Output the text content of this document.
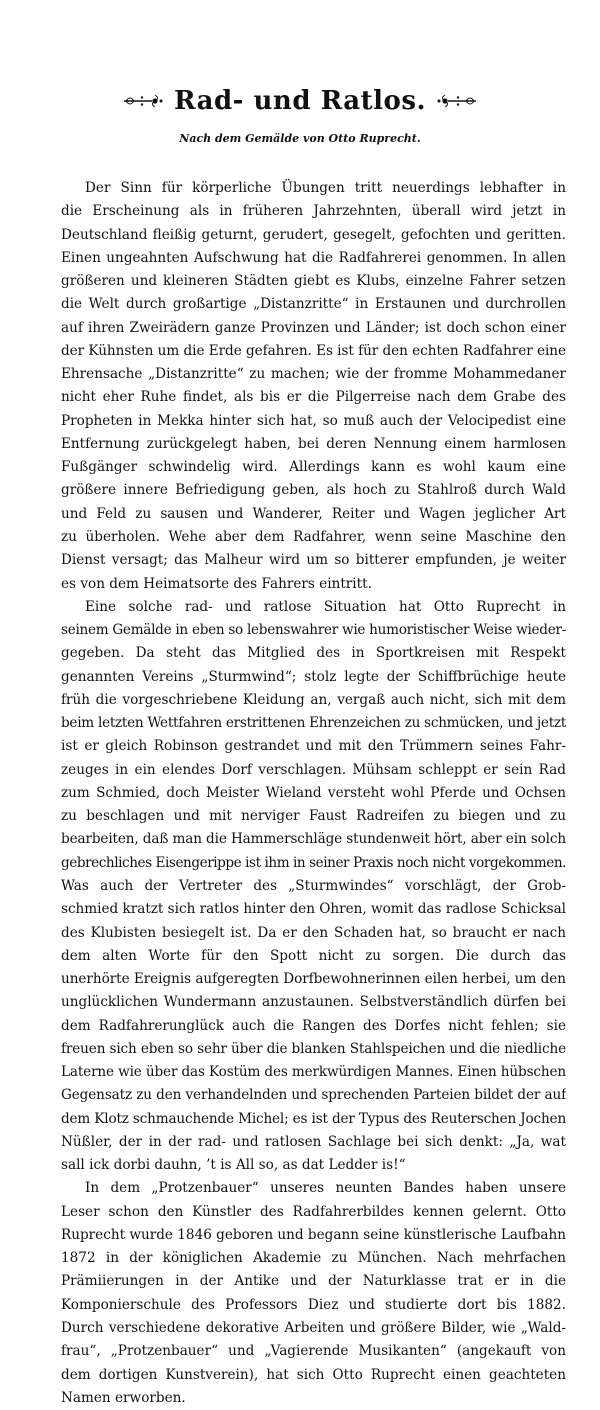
Rad- und Ratlos.
Nach dem Gemälde von Otto Ruprecht.
Der Sinn für körperliche Übungen tritt neuerdings lebhafter in
die Erscheinung als in früheren Jahrzehnten, überall wird jetzt in
Deutschland fleißig geturnt, gerudert, gesegelt, gefochten und geritten.
Einen ungeahnten Aufschwung hat die Radfahrerei genommen. In allen
größeren und kleineren Städten giebt es Klubs, einzelne Fahrer setzen
die Welt durch großartige „Distanzritte“ in Erstaunen und durchrollen
auf ihren Zweirädern ganze Provinzen und Länder; ist doch schon einer
der Kühnsten um die Erde gefahren. Es ist für den echten Radfahrer eine
Ehrensache „Distanzritte“ zu machen; wie der fromme Mohammedaner
nicht eher Ruhe findet, als bis er die Pilgerreise nach dem Grabe des
Propheten in Mekka hinter sich hat, so muß auch der Velocipedist eine
Entfernung zurückgelegt haben, bei deren Nennung einem harmlosen
Fußgänger schwindelig wird. Allerdings kann es wohl kaum eine
größere innere Befriedigung geben, als hoch zu Stahlroß durch Wald
und Feld zu sausen und Wanderer, Reiter und Wagen jeglicher Art
zu überholen. Wehe aber dem Radfahrer, wenn seine Maschine den
Dienst versagt; das Malheur wird um so bitterer empfunden, je weiter
es von dem Heimatsorte des Fahrers eintritt.
Eine solche rad- und ratlose Situation hat Otto Ruprecht in
seinem Gemälde in eben so lebenswahrer wie humoristischer Weise wieder-
gegeben. Da steht das Mitglied des in Sportkreisen mit Respekt
genannten Vereins „Sturmwind“; stolz legte der Schiffbrüchige heute
früh die vorgeschriebene Kleidung an, vergaß auch nicht, sich mit dem
beim letzten Wettfahren erstrittenen Ehrenzeichen zu schmücken, und jetzt
ist er gleich Robinson gestrandet und mit den Trümmern seines Fahr-
zeuges in ein elendes Dorf verschlagen. Mühsam schleppt er sein Rad
zum Schmied, doch Meister Wieland versteht wohl Pferde und Ochsen
zu beschlagen und mit nerviger Faust Radreifen zu biegen und zu
bearbeiten, daß man die Hammerschläge stundenweit hört, aber ein solch
gebrechliches Eisengerippe ist ihm in seiner Praxis noch nicht vorgekommen.
Was auch der Vertreter des „Sturmwindes“ vorschlägt, der Grob-
schmied kratzt sich ratlos hinter den Ohren, womit das radlose Schicksal
des Klubisten besiegelt ist. Da er den Schaden hat, so braucht er nach
dem alten Worte für den Spott nicht zu sorgen. Die durch das
unerhörte Ereignis aufgeregten Dorfbewohnerinnen eilen herbei, um den
unglücklichen Wundermann anzustaunen. Selbstverständlich dürfen bei
dem Radfahrerunglück auch die Rangen des Dorfes nicht fehlen; sie
freuen sich eben so sehr über die blanken Stahlspeichen und die niedliche
Laterne wie über das Kostüm des merkwürdigen Mannes. Einen hübschen
Gegensatz zu den verhandelnden und sprechenden Parteien bildet der auf
dem Klotz schmauchende Michel; es ist der Typus des Reuterschen Jochen
Nüßler, der in der rad- und ratlosen Sachlage bei sich denkt: „Ja, wat
sall ick dorbi dauhn, ’t is All so, as dat Ledder is!“
In dem „Protzenbauer“ unseres neunten Bandes haben unsere
Leser schon den Künstler des Radfahrerbildes kennen gelernt. Otto
Ruprecht wurde 1846 geboren und begann seine künstlerische Laufbahn
1872 in der königlichen Akademie zu München. Nach mehrfachen
Prämiierungen in der Antike und der Naturklasse trat er in die
Komponierschule des Professors Diez und studierte dort bis 1882.
Durch verschiedene dekorative Arbeiten und größere Bilder, wie „Wald-
frau“, „Protzenbauer“ und „Vagierende Musikanten“ (angekauft von
dem dortigen Kunstverein), hat sich Otto Ruprecht einen geachteten
Namen erworben.
